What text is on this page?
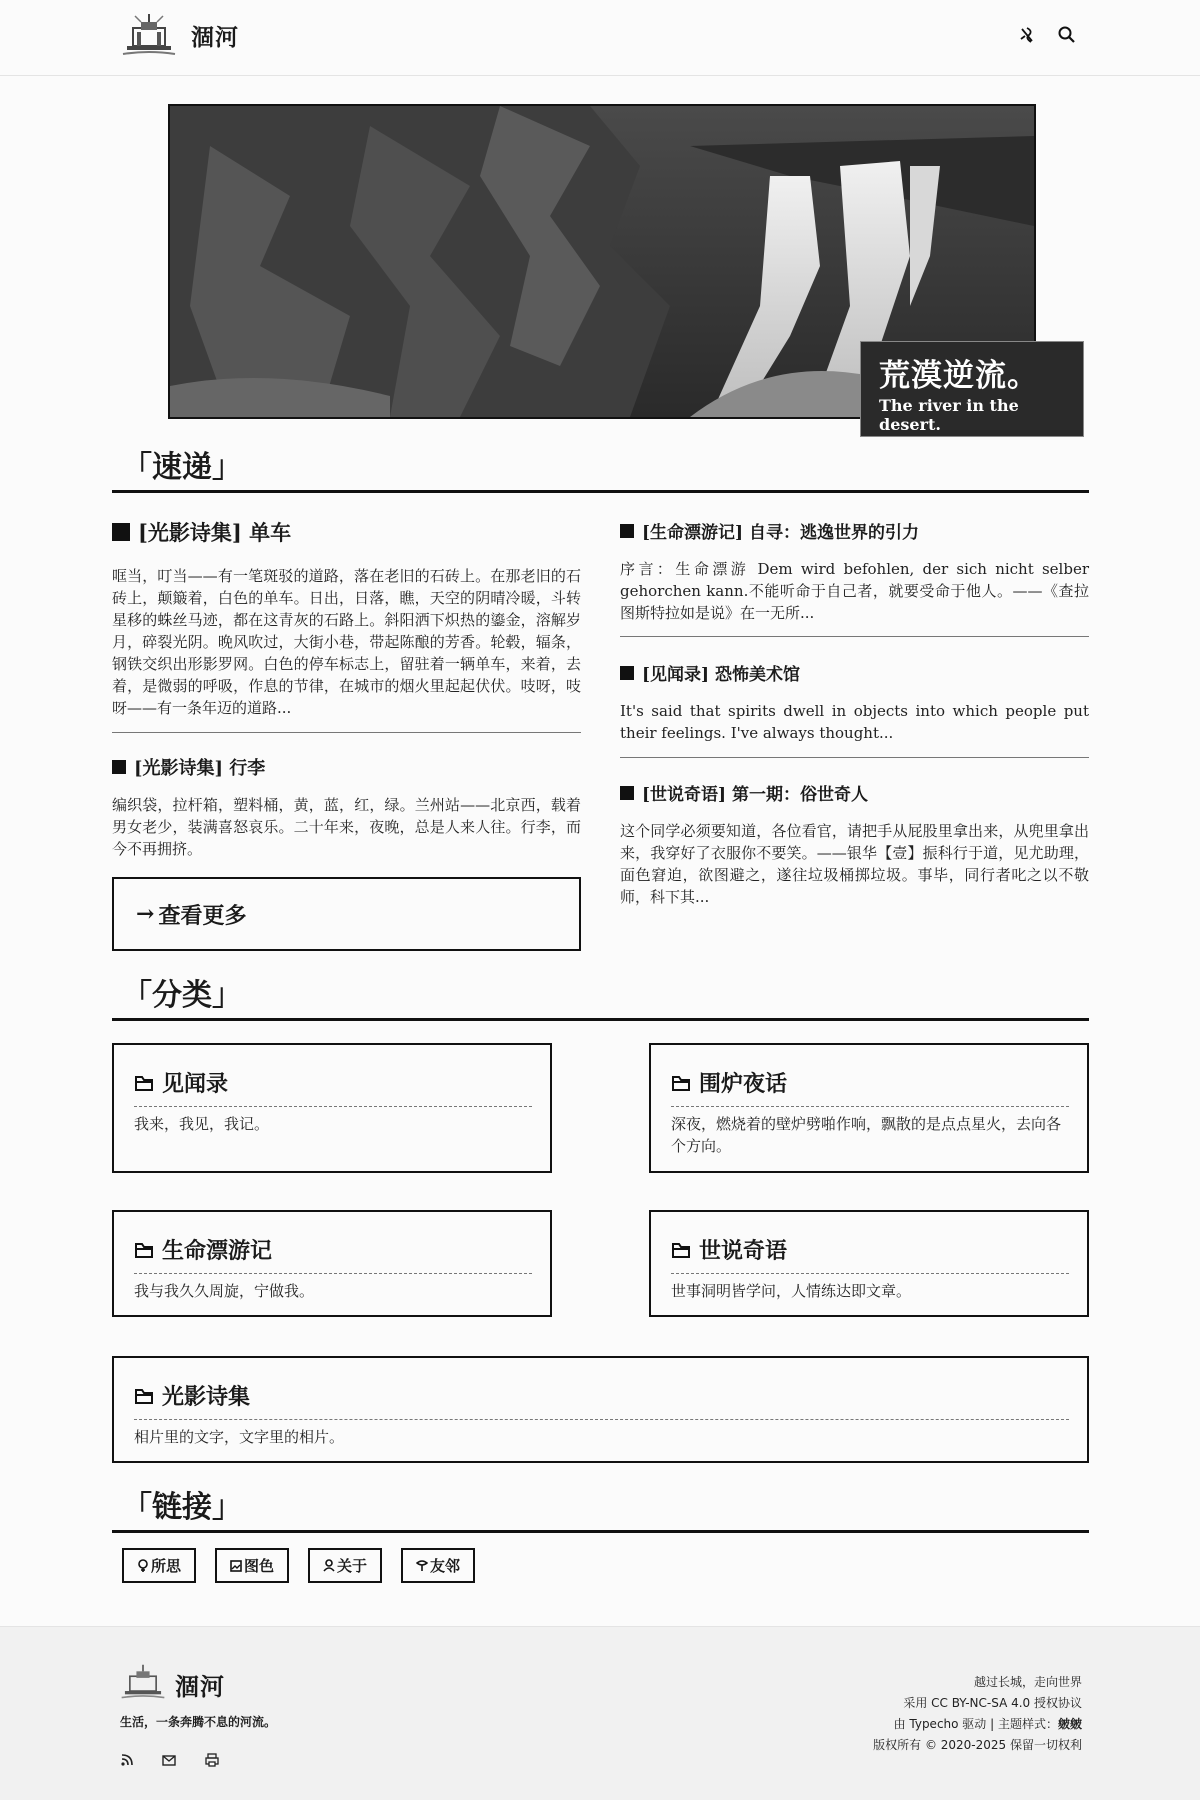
涸河
荒漠逆流。
The river in the desert.
「速递」
[光影诗集] 单车
哐当，叮当——有一笔斑驳的道路，落在老旧的石砖上。在那老旧的石砖上，颠簸着，白色的单车。日出，日落，瞧，天空的阴晴冷暖，斗转星移的蛛丝马迹，都在这青灰的石路上。斜阳洒下炽热的鎏金，溶解岁月，碎裂光阴。晚风吹过，大街小巷，带起陈酿的芳香。轮毂，辐条，钢铁交织出形影罗网。白色的停车标志上，留驻着一辆单车，来着，去着，是微弱的呼吸，作息的节律，在城市的烟火里起起伏伏。吱呀，吱呀——有一条年迈的道路...
[光影诗集] 行李
编织袋，拉杆箱，塑料桶，黄，蓝，红，绿。兰州站——北京西，载着男女老少，装满喜怒哀乐。二十年来，夜晚，总是人来人往。行李，而今不再拥挤。
→ 查看更多
[生命漂游记] 自寻：逃逸世界的引力
序言：生命漂游 Dem wird befohlen, der sich nicht selber gehorchen kann.不能听命于自己者，就要受命于他人。——《查拉图斯特拉如是说》在一无所...
[见闻录] 恐怖美术馆
It's said that spirits dwell in objects into which people put their feelings. I've always thought...
[世说奇语] 第一期：俗世奇人
这个同学必须要知道，各位看官，请把手从屁股里拿出来，从兜里拿出来，我穿好了衣服你不要笑。——银华【壹】振科行于道，见尤助理，面色窘迫，欲图避之，遂往垃圾桶掷垃圾。事毕，同行者叱之以不敬师，科下其...
「分类」
见闻录
我来，我见，我记。
围炉夜话
深夜，燃烧着的壁炉劈啪作响，飘散的是点点星火，去向各个方向。
生命漂游记
我与我久久周旋，宁做我。
世说奇语
世事洞明皆学问，人情练达即文章。
光影诗集
相片里的文字，文字里的相片。
「链接」
所思	图色	关于	友邻
涸河
生活，一条奔腾不息的河流。
越过长城，走向世界
采用 CC BY-NC-SA 4.0 授权协议
由 Typecho 驱动 | 主题样式：皴皴
版权所有 © 2020-2025 保留一切权利
